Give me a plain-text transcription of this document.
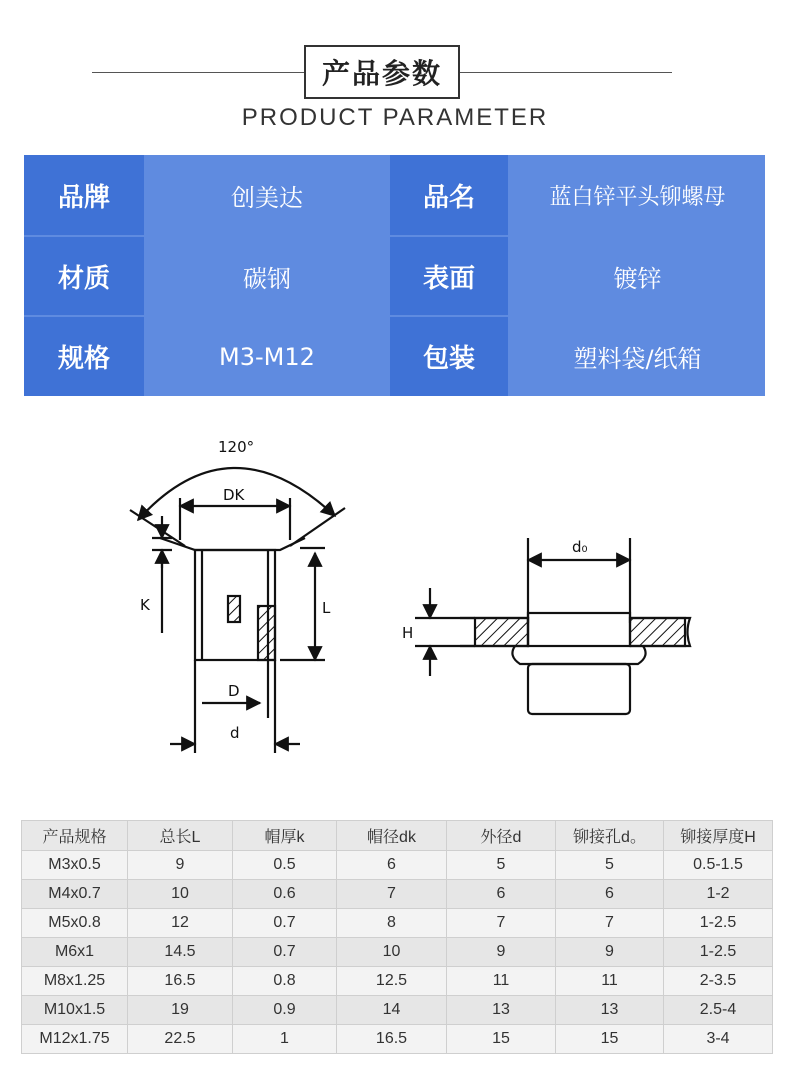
产品参数
PRODUCT PARAMETER
品牌	创美达	品名	蓝白锌平头铆螺母
材质	碳钢	表面	镀锌
规格	M3-M12	包装	塑料袋/纸箱
120°
DK
K	L
D
d
d₀
H
产品规格	总长L	帽厚k	帽径dk	外径d	铆接孔d。	铆接厚度H
M3x0.5	9	0.5	6	5	5	0.5-1.5
M4x0.7	10	0.6	7	6	6	1-2
M5x0.8	12	0.7	8	7	7	1-2.5
M6x1	14.5	0.7	10	9	9	1-2.5
M8x1.25	16.5	0.8	12.5	11	11	2-3.5
M10x1.5	19	0.9	14	13	13	2.5-4
M12x1.75	22.5	1	16.5	15	15	3-4
